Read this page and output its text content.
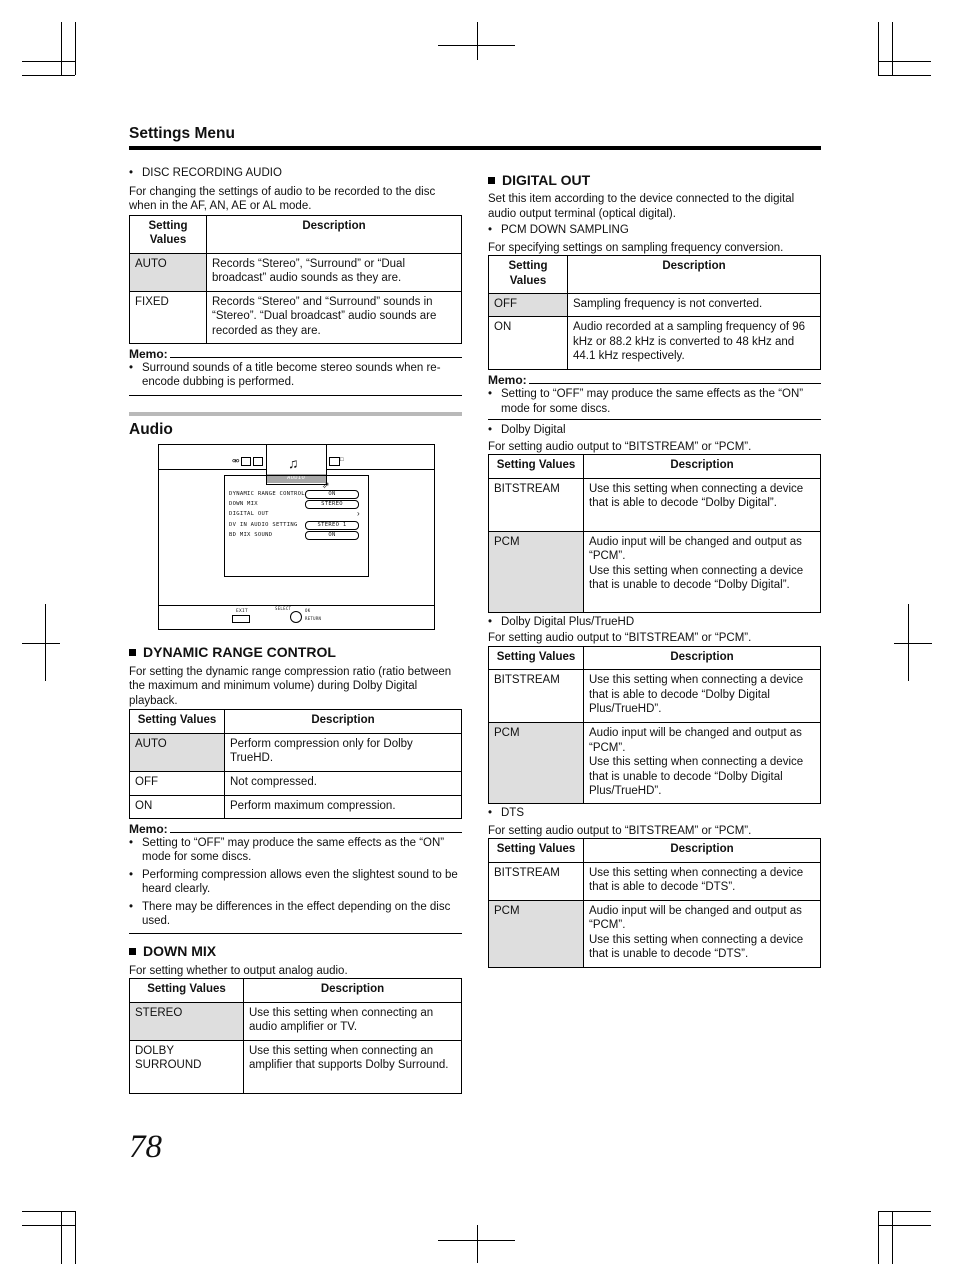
Settings Menu

• DISC RECORDING AUDIO

For changing the settings of audio to be recorded to the disc when in the AF, AN, AE or AL mode.

Setting Values	Description
AUTO	Records “Stereo”, “Surround” or “Dual broadcast” audio sounds as they are.
FIXED	Records “Stereo” and “Surround” sounds in “Stereo”. “Dual broadcast” audio sounds are recorded as they are.
Memo:

• Surround sounds of a title become stereo sounds when re-encode dubbing is performed.

Audio
⚮	♫
AUDIO
⇗
□
DYNAMIC RANGE CONTROL	ON
DOWN MIX	STEREO
DIGITAL OUT	›
DV IN AUDIO SETTING	STEREO 1
BD MIX SOUND	ON
EXIT
SELECT	OK
RETURN
DYNAMIC RANGE CONTROL

For setting the dynamic range compression ratio (ratio between the maximum and minimum volume) during Dolby Digital playback.

Setting Values	Description
AUTO	Perform compression only for Dolby TrueHD.
OFF	Not compressed.
ON	Perform maximum compression.
Memo:

• Setting to “OFF” may produce the same effects as the “ON” mode for some discs.

• Performing compression allows even the slightest sound to be heard clearly.

• There may be differences in the effect depending on the disc used.

DOWN MIX

For setting whether to output analog audio.

Setting Values	Description
STEREO	Use this setting when connecting an audio amplifier or TV.
DOLBY SURROUND	Use this setting when connecting an amplifier that supports Dolby Surround.
DIGITAL OUT

Set this item according to the device connected to the digital audio output terminal (optical digital).

• PCM DOWN SAMPLING

For specifying settings on sampling frequency conversion.

Setting Values	Description
OFF	Sampling frequency is not converted.
ON	Audio recorded at a sampling frequency of 96 kHz or 88.2 kHz is converted to 48 kHz and 44.1 kHz respectively.
Memo:

• Setting to “OFF” may produce the same effects as the “ON” mode for some discs.

• Dolby Digital

For setting audio output to “BITSTREAM” or “PCM”.

Setting Values	Description
BITSTREAM	Use this setting when connecting a device that is able to decode “Dolby Digital”.
PCM	Audio input will be changed and output as “PCM”.
Use this setting when connecting a device that is unable to decode “Dolby Digital”.

• Dolby Digital Plus/TrueHD

For setting audio output to “BITSTREAM” or “PCM”.

Setting Values	Description
BITSTREAM	Use this setting when connecting a device that is able to decode “Dolby Digital Plus/TrueHD”.
PCM	Audio input will be changed and output as “PCM”.
Use this setting when connecting a device that is unable to decode “Dolby Digital Plus/TrueHD”.

• DTS

For setting audio output to “BITSTREAM” or “PCM”.

Setting Values	Description
BITSTREAM	Use this setting when connecting a device that is able to decode “DTS”.
PCM	Audio input will be changed and output as “PCM”.
Use this setting when connecting a device that is unable to decode “DTS”.
78
